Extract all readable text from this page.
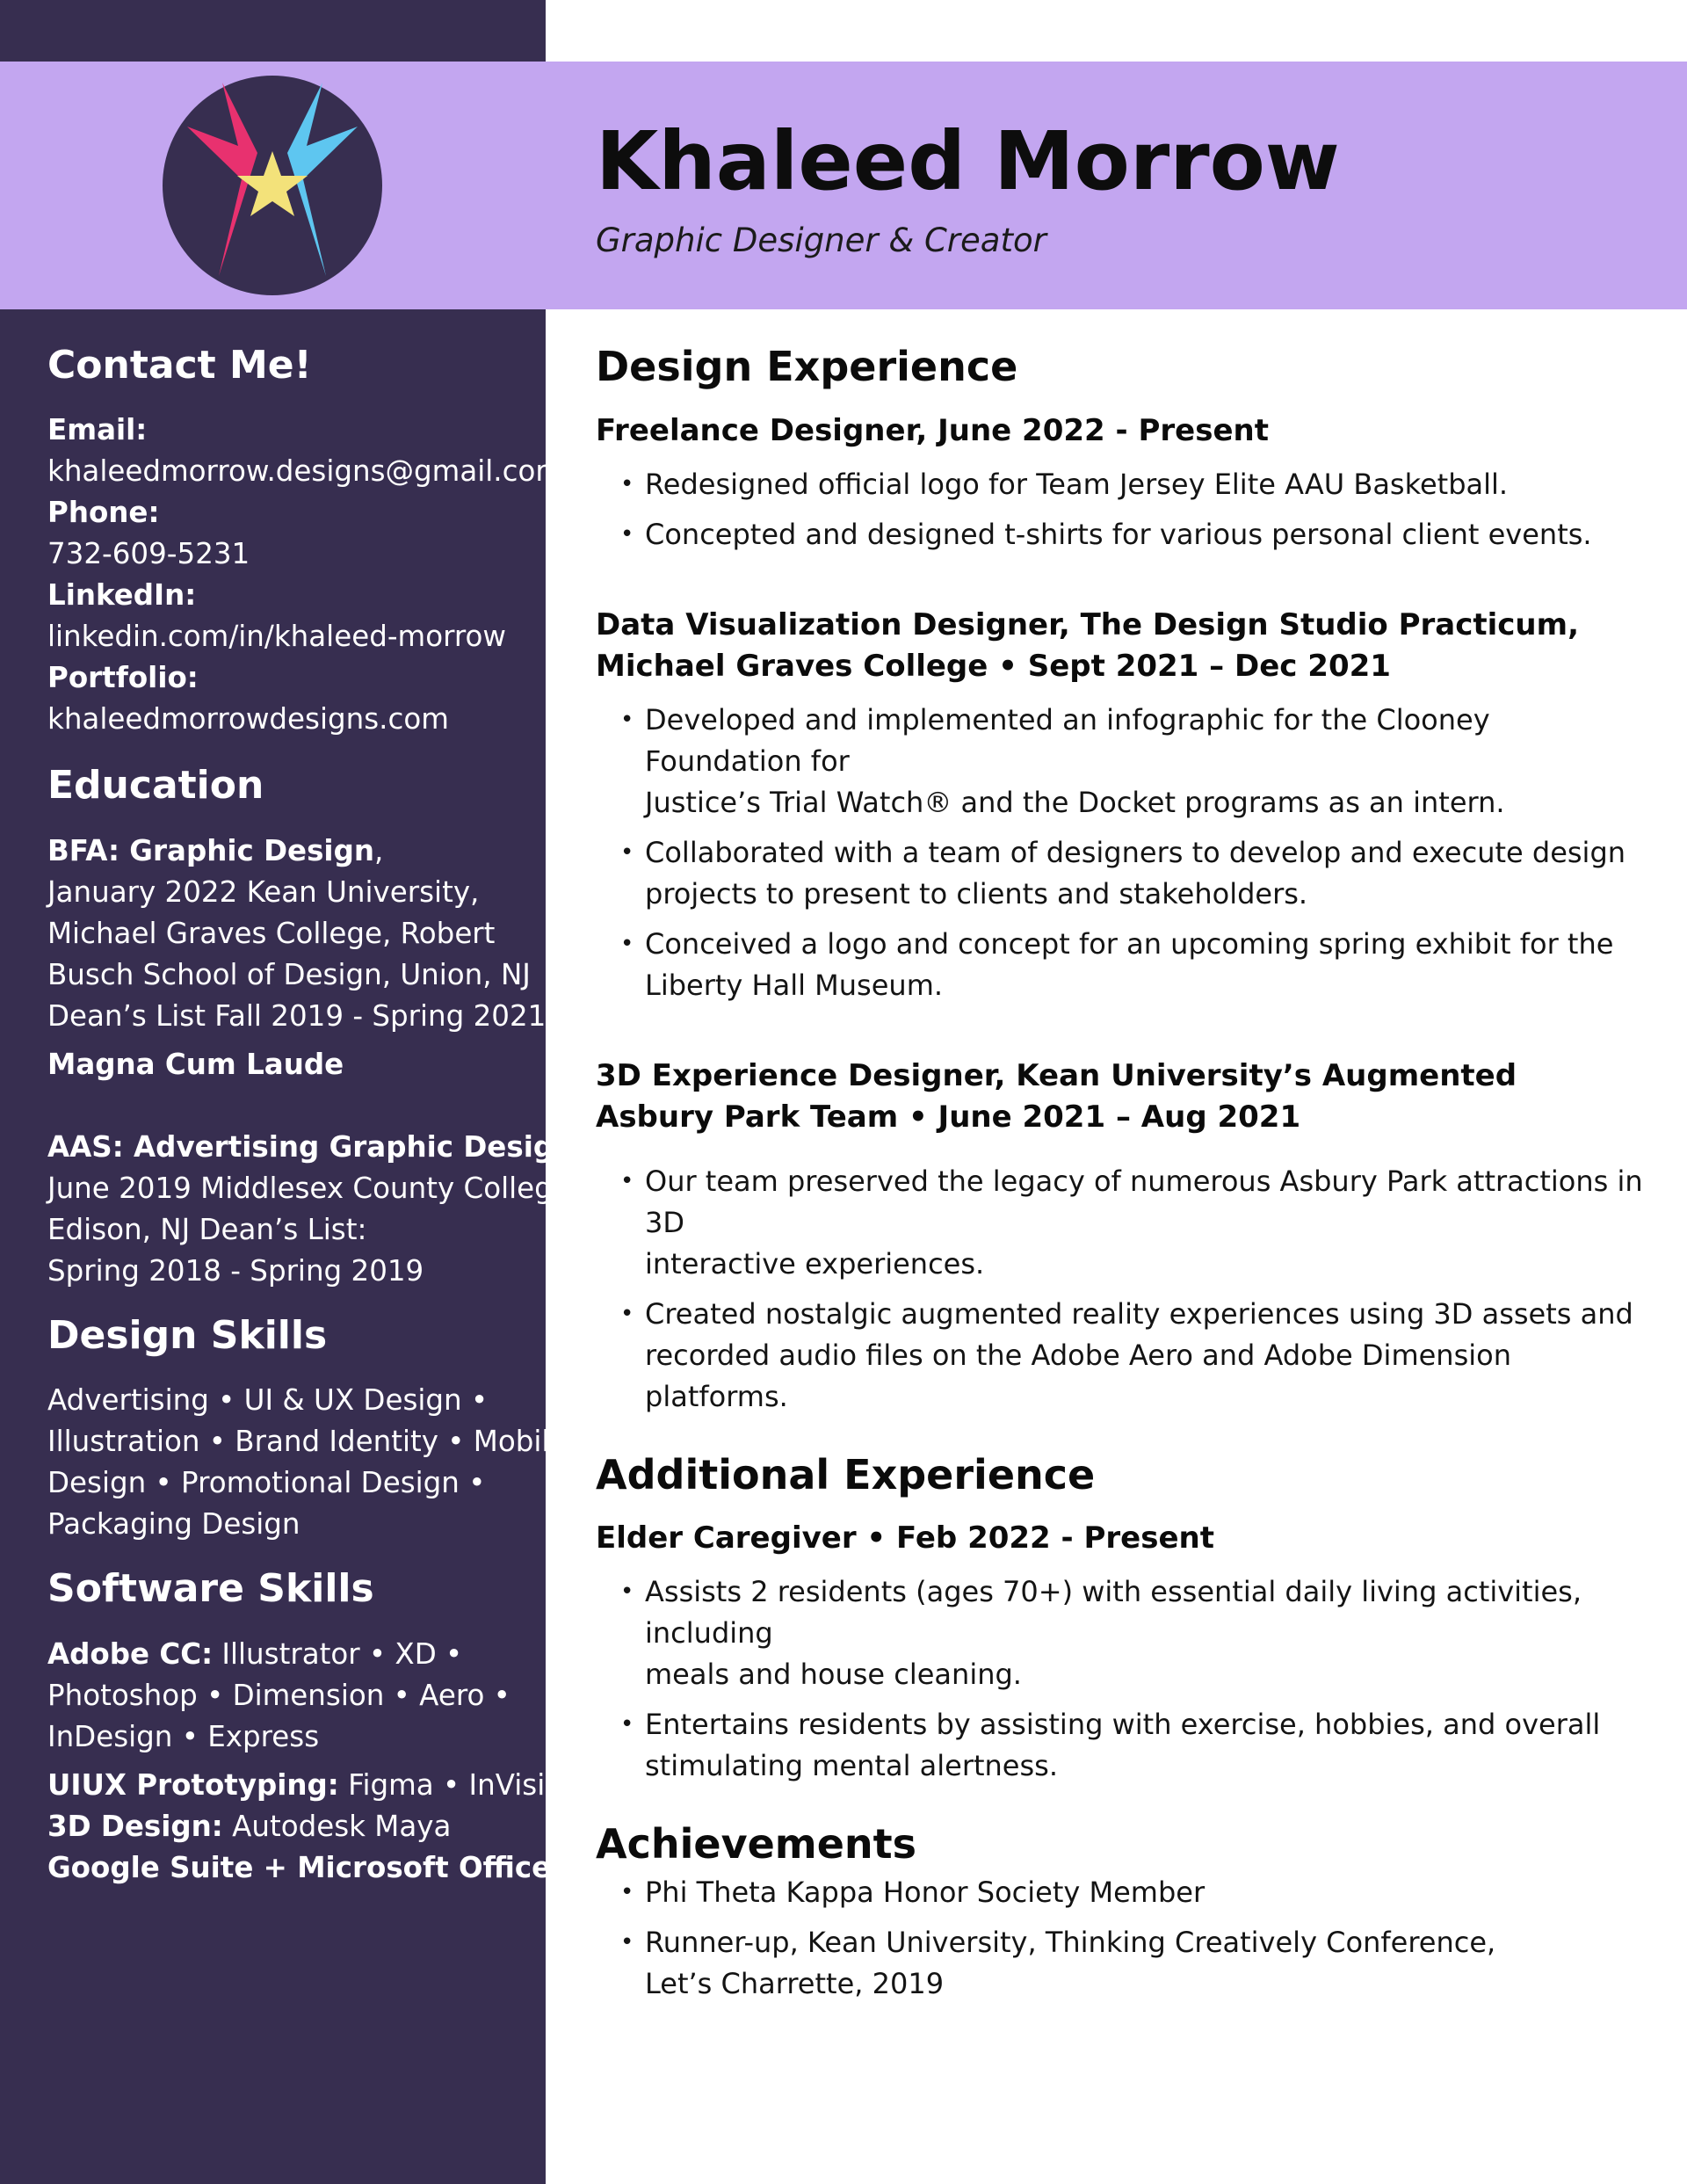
Khaleed Morrow

Graphic Designer & Creator

Contact Me!

Email:

khaleedmorrow.designs@gmail.com

Phone:

732-609-5231

LinkedIn:

linkedin.com/in/khaleed-morrow

Portfolio:

khaleedmorrowdesigns.com

Education

BFA: Graphic Design,

January 2022 Kean University,

Michael Graves College, Robert

Busch School of Design, Union, NJ

Dean’s List Fall 2019 - Spring 2021

Magna Cum Laude

AAS: Advertising Graphic Design,

June 2019 Middlesex County College,

Edison, NJ Dean’s List:

Spring 2018 - Spring 2019

Design Skills

Advertising • UI & UX Design •

Illustration • Brand Identity • Mobile

Design • Promotional Design •

Packaging Design

Software Skills

Adobe CC: Illustrator • XD •

Photoshop • Dimension • Aero •

InDesign • Express

UIUX Prototyping: Figma • InVision

3D Design: Autodesk Maya

Google Suite + Microsoft Office

Design Experience

Freelance Designer, June 2022 - Present

• Redesigned official logo for Team Jersey Elite AAU Basketball.
• Concepted and designed t-shirts for various personal client events.

Data Visualization Designer, The Design Studio Practicum,

Michael Graves College • Sept 2021 – Dec 2021

• Developed and implemented an infographic for the Clooney Foundation for
Justice’s Trial Watch® and the Docket programs as an intern.
• Collaborated with a team of designers to develop and execute design
projects to present to clients and stakeholders.
• Conceived a logo and concept for an upcoming spring exhibit for the
Liberty Hall Museum.

3D Experience Designer, Kean University’s Augmented

Asbury Park Team • June 2021 – Aug 2021

• Our team preserved the legacy of numerous Asbury Park attractions in 3D
interactive experiences.
• Created nostalgic augmented reality experiences using 3D assets and
recorded audio files on the Adobe Aero and Adobe Dimension platforms.
Additional Experience

Elder Caregiver • Feb 2022 - Present

• Assists 2 residents (ages 70+) with essential daily living activities, including
meals and house cleaning.
• Entertains residents by assisting with exercise, hobbies, and overall
stimulating mental alertness.
Achievements
• Phi Theta Kappa Honor Society Member
• Runner-up, Kean University, Thinking Creatively Conference,
Let’s Charrette, 2019
